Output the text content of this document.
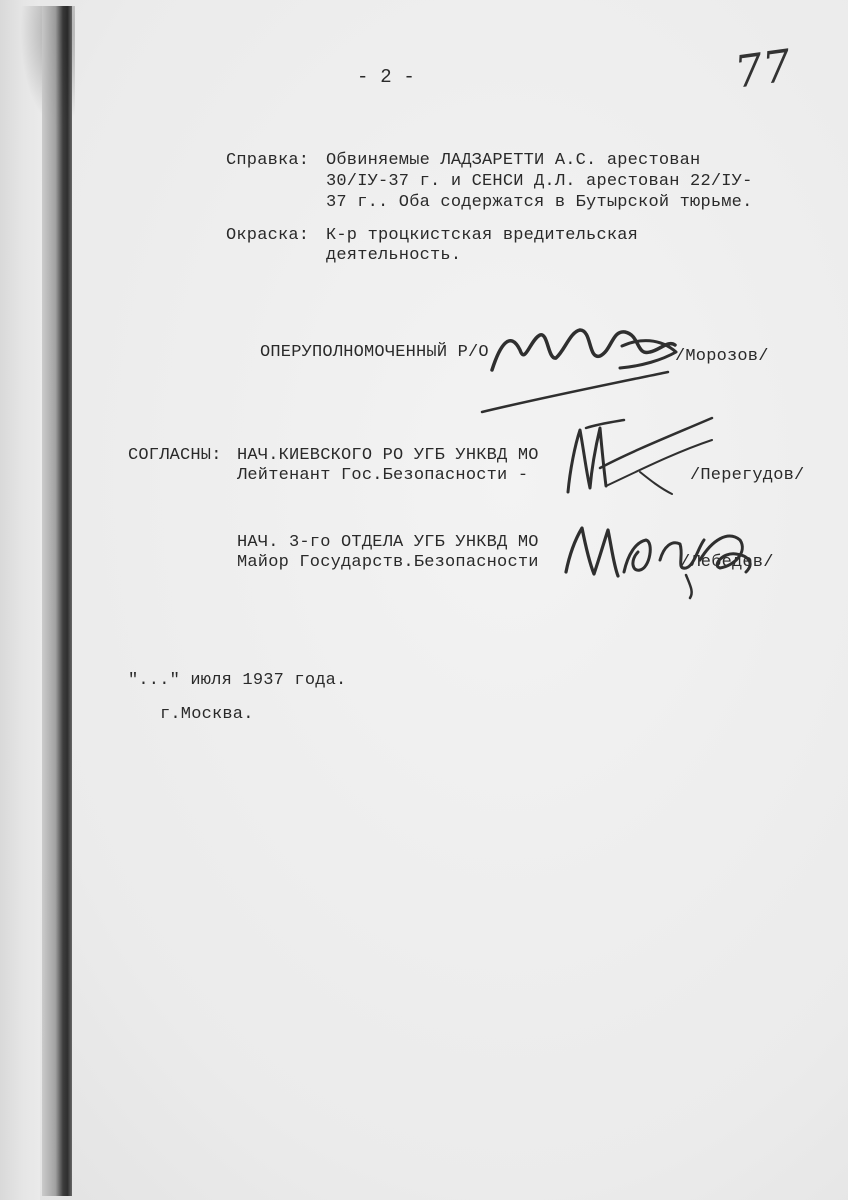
- 2 -	77
Справка: Обвиняемые ЛАДЗАРЕТТИ А.С. арестован
30/IУ-37 г. и СЕНСИ Д.Л. арестован 22/IУ-
37 г.. Оба содержатся в Бутырской тюрьме.
Окраска: К-р троцкистская вредительская
деятельность.
ОПЕРУПОЛНОМОЧЕННЫЙ Р/О	/Морозов/
СОГЛАСНЫ: НАЧ.КИЕВСКОГО РО УГБ УНКВД МО
Лейтенант Гос.Безопасности -	/Перегудов/
НАЧ. 3-го ОТДЕЛА УГБ УНКВД МО
Майор Государств.Безопасности	/Лебедев/
"..." июля 1937 года.
г.Москва.
